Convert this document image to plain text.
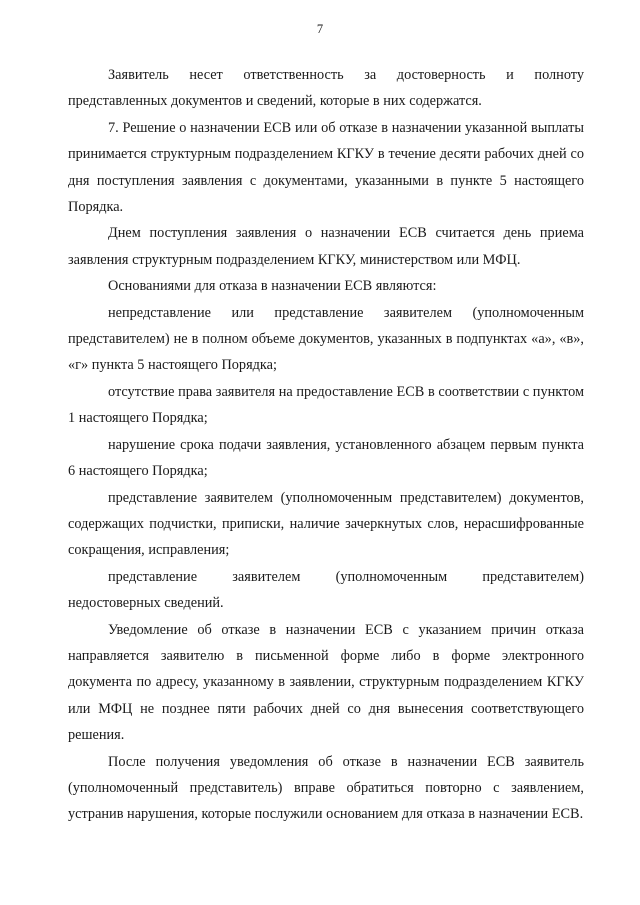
7

Заявитель несет ответственность за достоверность и полноту представленных документов и сведений, которые в них содержатся.

7. Решение о назначении ЕСВ или об отказе в назначении указанной выплаты принимается структурным подразделением КГКУ в течение десяти рабочих дней со дня поступления заявления с документами, указанными в пункте 5 настоящего Порядка.

Днем поступления заявления о назначении ЕСВ считается день приема заявления структурным подразделением КГКУ, министерством или МФЦ.

Основаниями для отказа в назначении ЕСВ являются:

непредставление или представление заявителем (уполномоченным представителем) не в полном объеме документов, указанных в подпунктах «а», «в», «г» пункта 5 настоящего Порядка;

отсутствие права заявителя на предоставление ЕСВ в соответствии с пунктом 1 настоящего Порядка;

нарушение срока подачи заявления, установленного абзацем первым пункта 6 настоящего Порядка;

представление заявителем (уполномоченным представителем) документов, содержащих подчистки, приписки, наличие зачеркнутых слов, нерасшифрованные сокращения, исправления;

представление заявителем (уполномоченным представителем) недостоверных сведений.

Уведомление об отказе в назначении ЕСВ с указанием причин отказа направляется заявителю в письменной форме либо в форме электронного документа по адресу, указанному в заявлении, структурным подразделением КГКУ или МФЦ не позднее пяти рабочих дней со дня вынесения соответствующего решения.

После получения уведомления об отказе в назначении ЕСВ заявитель (уполномоченный представитель) вправе обратиться повторно с заявлением, устранив нарушения, которые послужили основанием для отказа в назначении ЕСВ.
